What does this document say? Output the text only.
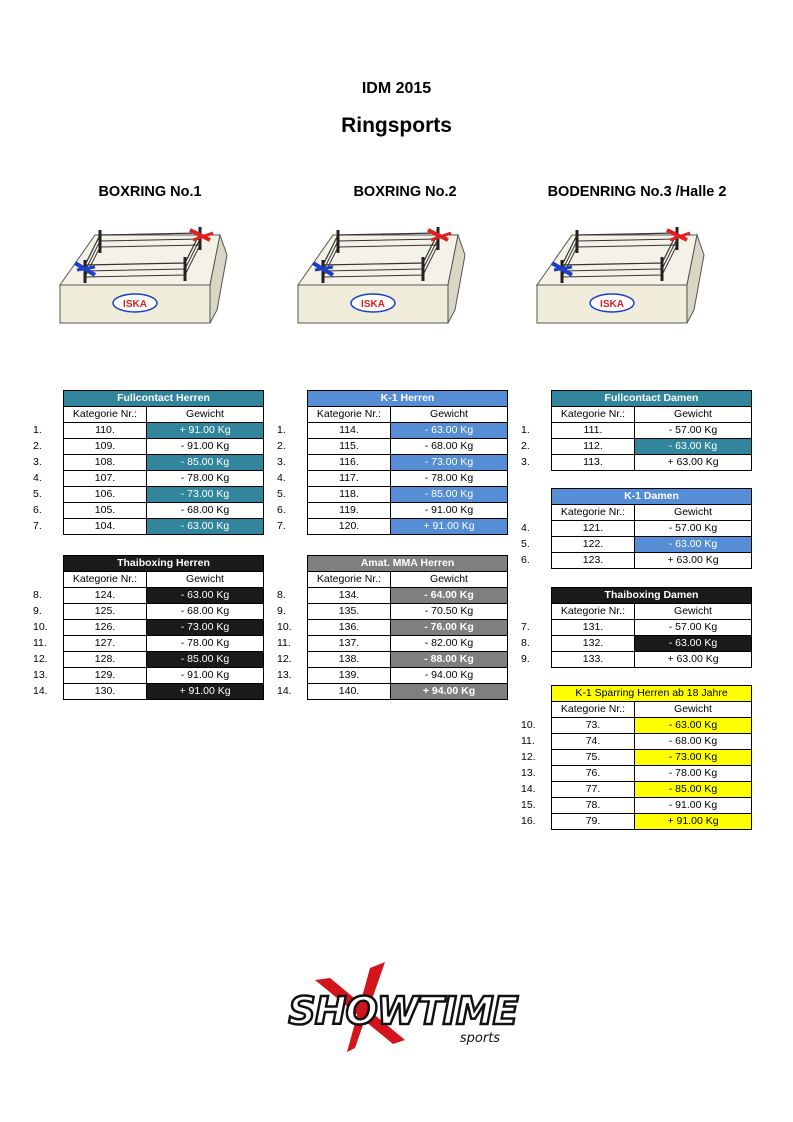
IDM 2015
Ringsports
BOXRING No.1	BOXRING No.2	BODENRING No.3 /Halle 2
ISKA	ISKA	ISKA
	Fullcontact Herren	
	Kategorie Nr.:	Gewicht
1.	110.	+ 91.00 Kg
2.	109.	- 91.00 Kg
3.	108.	- 85.00 Kg
4.	107.	- 78.00 Kg
5.	106.	- 73.00 Kg
6.	105.	- 68.00 Kg
7.	104.	- 63.00 Kg
	K-1 Herren	
	Kategorie Nr.:	Gewicht
1.	114.	- 63.00 Kg
2.	115.	- 68.00 Kg
3.	116.	- 73.00 Kg
4.	117.	- 78.00 Kg
5.	118.	- 85.00 Kg
6.	119.	- 91.00 Kg
7.	120.	+ 91.00 Kg
	Fullcontact Damen	
	Kategorie Nr.:	Gewicht
1.	111.	- 57.00 Kg
2.	112.	- 63.00 Kg
3.	113.	+ 63.00 Kg
	K-1 Damen	
	Kategorie Nr.:	Gewicht
4.	121.	- 57.00 Kg
5.	122.	- 63.00 Kg
6.	123.	+ 63.00 Kg
	Thaiboxing Herren	
	Kategorie Nr.:	Gewicht
8.	124.	- 63.00 Kg
9.	125.	- 68.00 Kg
10.	126.	- 73.00 Kg
11.	127.	- 78.00 Kg
12.	128.	- 85.00 Kg
13.	129.	- 91.00 Kg
14.	130.	+ 91.00 Kg
	Amat. MMA Herren	
	Kategorie Nr.:	Gewicht
8.	134.	- 64.00 Kg
9.	135.	- 70.50 Kg
10.	136.	- 76.00 Kg
11.	137.	- 82.00 Kg
12.	138.	- 88.00 Kg
13.	139.	- 94.00 Kg
14.	140.	+ 94.00 Kg
	Thaiboxing Damen	
	Kategorie Nr.:	Gewicht
7.	131.	- 57.00 Kg
8.	132.	- 63.00 Kg
9.	133.	+ 63.00 Kg
	K-1 Sparring Herren ab 18 Jahre	
	Kategorie Nr.:	Gewicht
10.	73.	- 63.00 Kg
11.	74.	- 68.00 Kg
12.	75.	- 73.00 Kg
13.	76.	- 78.00 Kg
14.	77.	- 85.00 Kg
15.	78.	- 91.00 Kg
16.	79.	+ 91.00 Kg
SHOWTIME
sports
